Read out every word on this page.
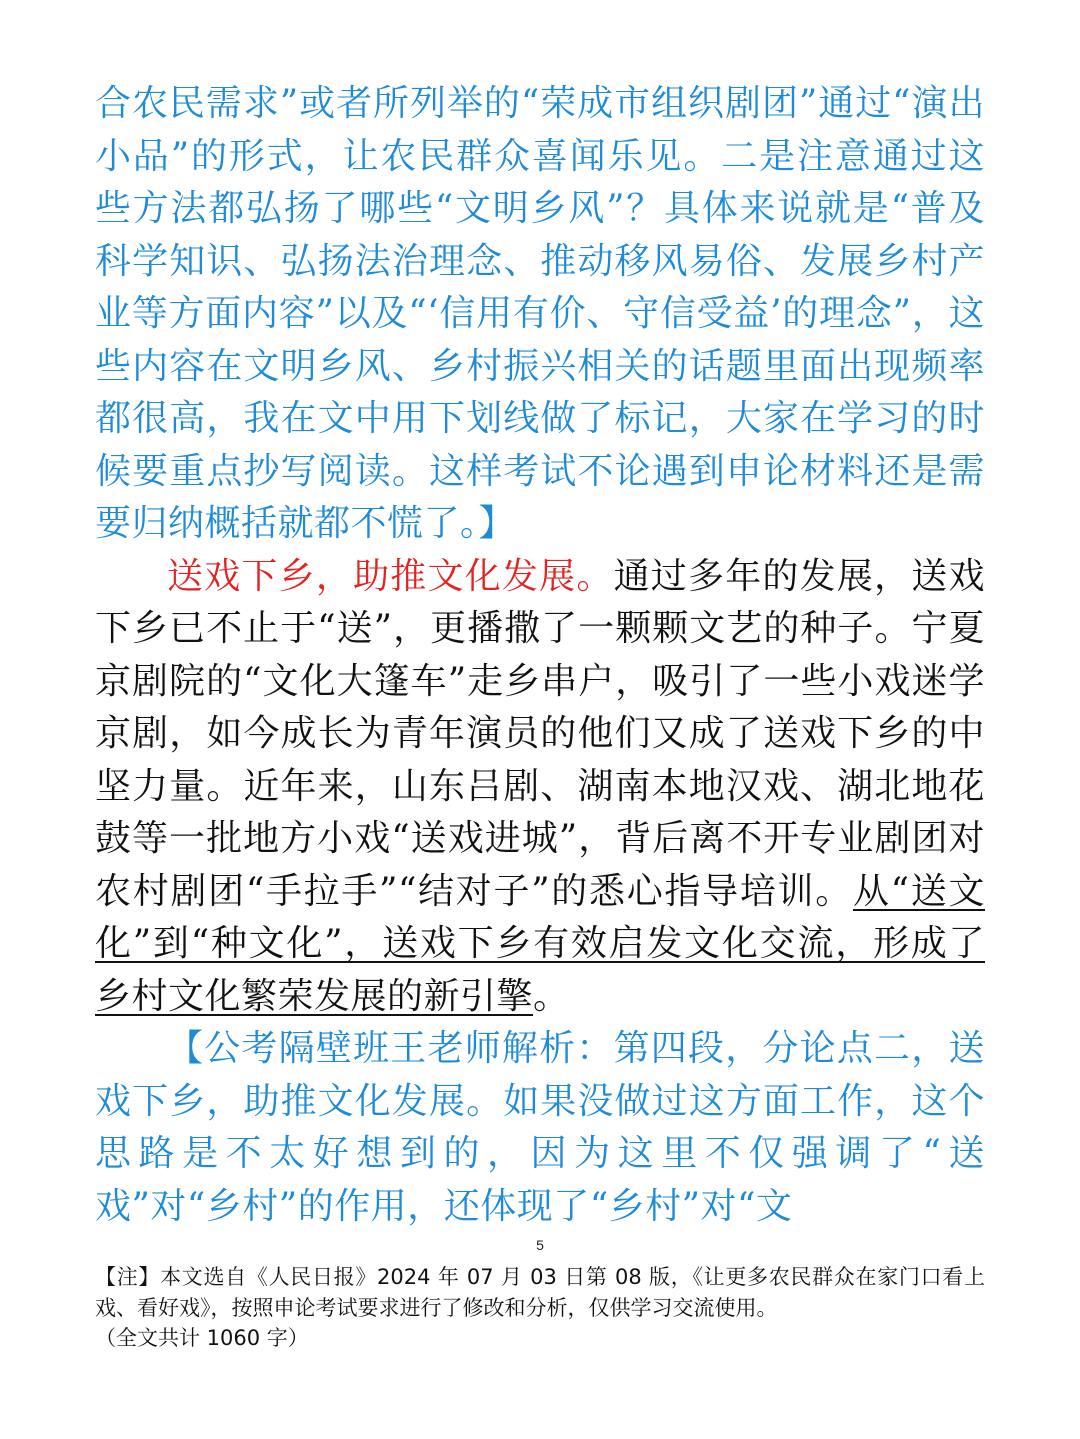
合农民需求”或者所列举的“荣成市组织剧团”通过“演出小品”的形式，让农民群众喜闻乐见。二是注意通过这些方法都弘扬了哪些“文明乡风”？具体来说就是“普及科学知识、弘扬法治理念、推动移风易俗、发展乡村产业等方面内容”以及“‘信用有价、守信受益’的理念”，这些内容在文明乡风、乡村振兴相关的话题里面出现频率都很高，我在文中用下划线做了标记，大家在学习的时候要重点抄写阅读。这样考试不论遇到申论材料还是需要归纳概括就都不慌了。】

送戏下乡，助推文化发展。通过多年的发展，送戏下乡已不止于“送”，更播撒了一颗颗文艺的种子。宁夏京剧院的“文化大篷车”走乡串户，吸引了一些小戏迷学京剧，如今成长为青年演员的他们又成了送戏下乡的中坚力量。近年来，山东吕剧、湖南本地汉戏、湖北地花鼓等一批地方小戏“送戏进城”，背后离不开专业剧团对农村剧团“手拉手”“结对子”的悉心指导培训。从“送文化”到“种文化”，送戏下乡有效启发文化交流，形成了乡村文化繁荣发展的新引擎。

【公考隔壁班王老师解析：第四段，分论点二，送戏下乡，助推文化发展。如果没做过这方面工作，这个思路是不太好想到的，因为这里不仅强调了“送戏”对“乡村”的作用，还体现了“乡村”对“文

5

【注】本文选自《人民日报》2024 年 07 月 03 日第 08 版，《让更多农民群众在家门口看上戏、看好戏》，按照申论考试要求进行了修改和分析，仅供学习交流使用。

（全文共计 1060 字）
